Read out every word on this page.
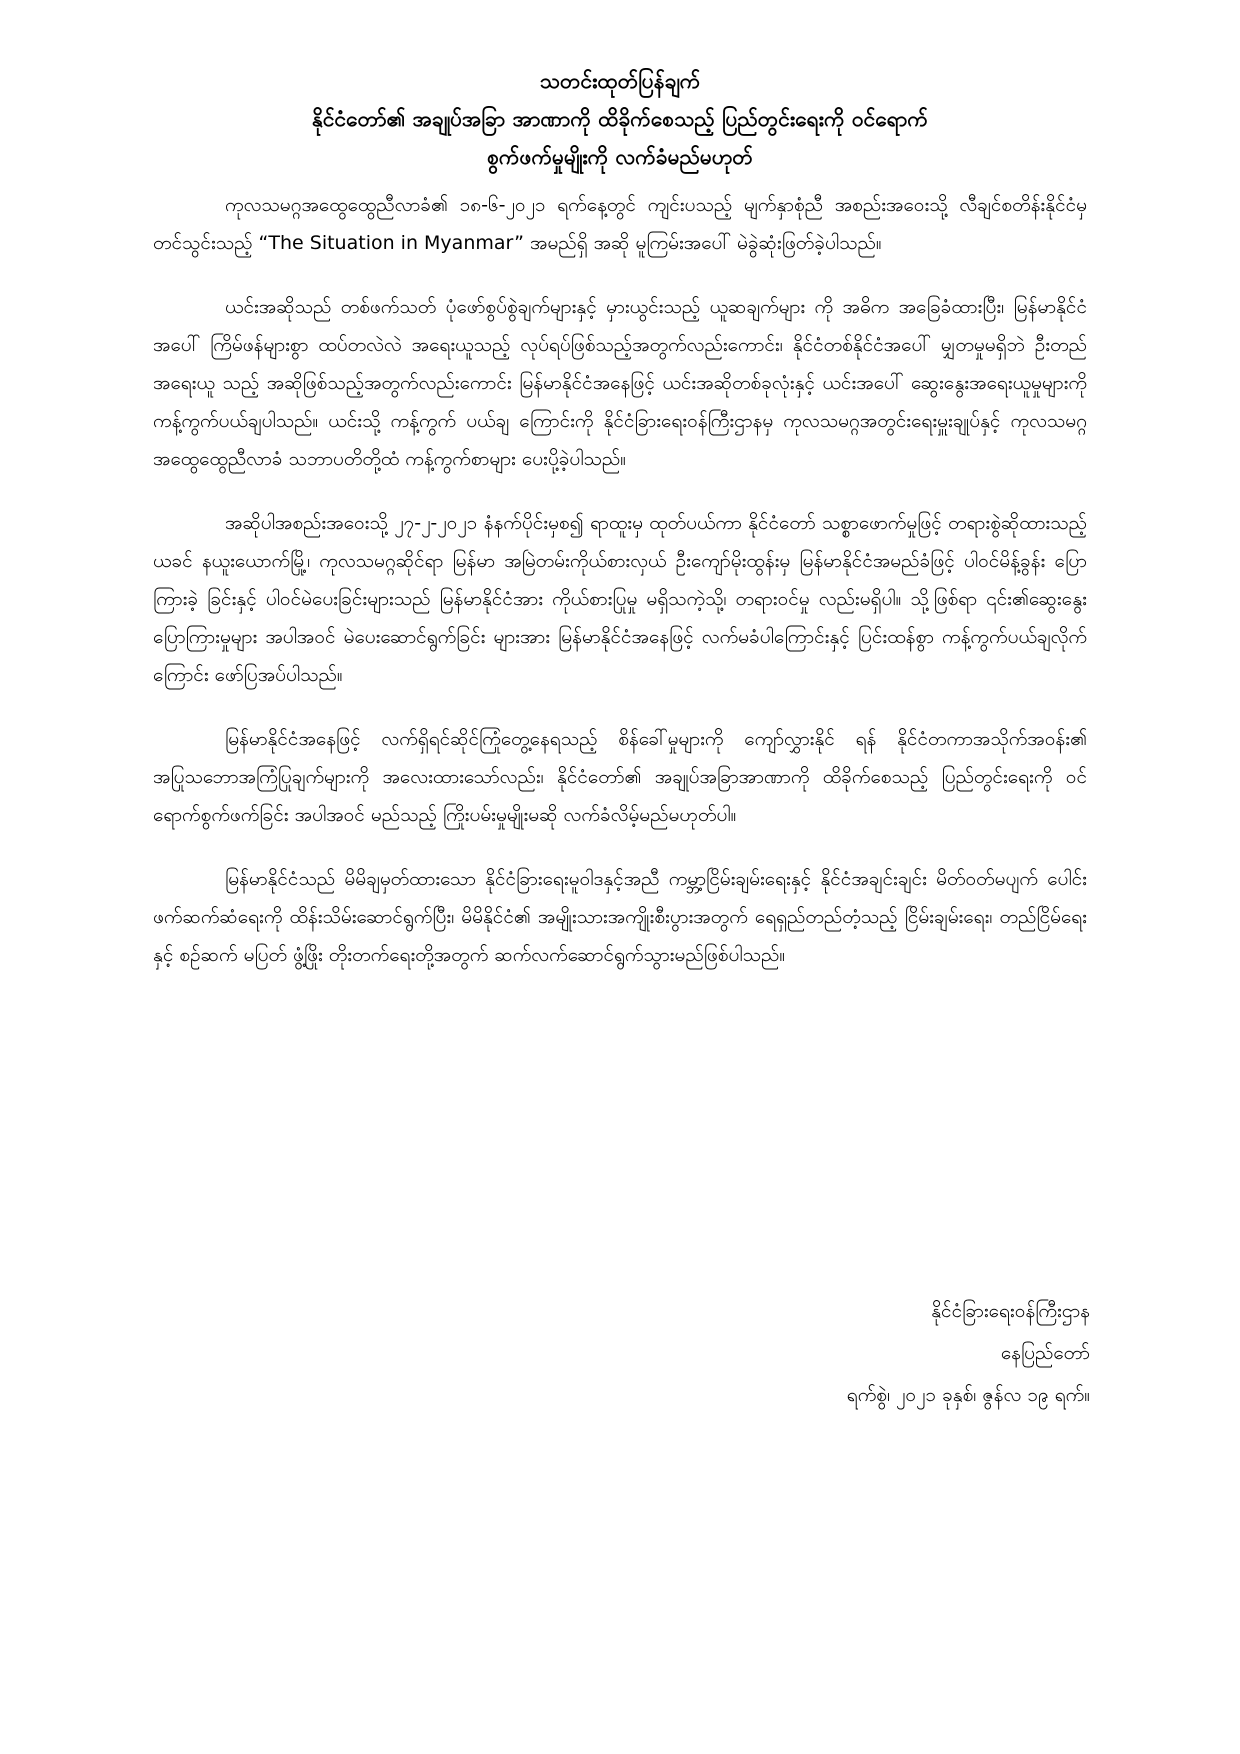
သတင်းထုတ်ပြန်ချက်
နိုင်ငံတော်၏ အချုပ်အခြာ အာဏာကို ထိခိုက်စေသည့် ပြည်တွင်းရေးကို ဝင်ရောက်
စွက်ဖက်မှုမျိုးကို လက်ခံမည်မဟုတ်

ကုလသမဂ္ဂအထွေထွေညီလာခံ၏ ၁၈-၆-၂၀၂၁ ရက်နေ့တွင် ကျင်းပသည့် မျက်နှာစုံညီ အစည်းအဝေးသို့ လီချင်စတိန်းနိုင်ငံမှ တင်သွင်းသည့် “The Situation in Myanmar” အမည်ရှိ အဆို မူကြမ်းအပေါ် မဲခွဲဆုံးဖြတ်ခဲ့ပါသည်။

ယင်းအဆိုသည် တစ်ဖက်သတ် ပုံဖော်စွပ်စွဲချက်များနှင့် မှားယွင်းသည့် ယူဆချက်များ ကို အဓိက အခြေခံထားပြီး၊ မြန်မာနိုင်ငံအပေါ် ကြိမ်ဖန်များစွာ ထပ်တလဲလဲ အရေးယူသည့် လုပ်ရပ်ဖြစ်သည့်အတွက်လည်းကောင်း၊ နိုင်ငံတစ်နိုင်ငံအပေါ် မျှတမှုမရှိဘဲ ဦးတည်အရေးယူ သည့် အဆိုဖြစ်သည့်အတွက်လည်းကောင်း မြန်မာနိုင်ငံအနေဖြင့် ယင်းအဆိုတစ်ခုလုံးနှင့် ယင်းအပေါ် ဆွေးနွေးအရေးယူမှုများကို ကန့်ကွက်ပယ်ချပါသည်။ ယင်းသို့ ကန့်ကွက် ပယ်ချ ကြောင်းကို နိုင်ငံခြားရေးဝန်ကြီးဌာနမှ ကုလသမဂ္ဂအတွင်းရေးမှူးချုပ်နှင့် ကုလသမဂ္ဂ အထွေထွေညီလာခံ သဘာပတိတို့ထံ ကန့်ကွက်စာများ ပေးပို့ခဲ့ပါသည်။

အဆိုပါအစည်းအဝေးသို့ ၂၇-၂-၂၀၂၁ နံနက်ပိုင်းမှစ၍ ရာထူးမှ ထုတ်ပယ်ကာ နိုင်ငံတော် သစ္စာဖောက်မှုဖြင့် တရားစွဲဆိုထားသည့် ယခင် နယူးယောက်မြို့၊ ကုလသမဂ္ဂဆိုင်ရာ မြန်မာ အမြဲတမ်းကိုယ်စားလှယ် ဦးကျော်မိုးထွန်းမှ မြန်မာနိုင်ငံအမည်ခံဖြင့် ပါဝင်မိန့်ခွန်း ပြောကြားခဲ့ ခြင်းနှင့် ပါဝင်မဲပေးခြင်းများသည် မြန်မာနိုင်ငံအား ကိုယ်စားပြုမှု မရှိသကဲ့သို့၊ တရားဝင်မှု လည်းမရှိပါ။ သို့ဖြစ်ရာ ၎င်း၏ဆွေးနွေးပြောကြားမှုများ အပါအဝင် မဲပေးဆောင်ရွက်ခြင်း များအား မြန်မာနိုင်ငံအနေဖြင့် လက်မခံပါကြောင်းနှင့် ပြင်းထန်စွာ ကန့်ကွက်ပယ်ချလိုက် ကြောင်း ဖော်ပြအပ်ပါသည်။

မြန်မာနိုင်ငံအနေဖြင့် လက်ရှိရင်ဆိုင်ကြုံတွေ့နေရသည့် စိန်ခေါ်မှုများကို ကျော်လွှားနိုင် ရန် နိုင်ငံတကာအသိုက်အဝန်း၏ အပြုသဘောအကြံပြုချက်များကို အလေးထားသော်လည်း၊ နိုင်ငံတော်၏ အချုပ်အခြာအာဏာကို ထိခိုက်စေသည့် ပြည်တွင်းရေးကို ဝင်ရောက်စွက်ဖက်ခြင်း အပါအဝင် မည်သည့် ကြိုးပမ်းမှုမျိုးမဆို လက်ခံလိမ့်မည်မဟုတ်ပါ။

မြန်မာနိုင်ငံသည် မိမိချမှတ်ထားသော နိုင်ငံခြားရေးမူဝါဒနှင့်အညီ ကမ္ဘာ့ငြိမ်းချမ်းရေးနှင့် နိုင်ငံအချင်းချင်း မိတ်ဝတ်မပျက် ပေါင်းဖက်ဆက်ဆံရေးကို ထိန်းသိမ်းဆောင်ရွက်ပြီး၊ မိမိနိုင်ငံ၏ အမျိုးသားအကျိုးစီးပွားအတွက် ရေရှည်တည်တံ့သည့် ငြိမ်းချမ်းရေး၊ တည်ငြိမ်ရေးနှင့် စဉ်ဆက် မပြတ် ဖွံ့ဖြိုး တိုးတက်ရေးတို့အတွက် ဆက်လက်ဆောင်ရွက်သွားမည်ဖြစ်ပါသည်။

နိုင်ငံခြားရေးဝန်ကြီးဌာန
နေပြည်တော်
ရက်စွဲ၊ ၂၀၂၁ ခုနှစ်၊ ဇွန်လ ၁၉ ရက်။
